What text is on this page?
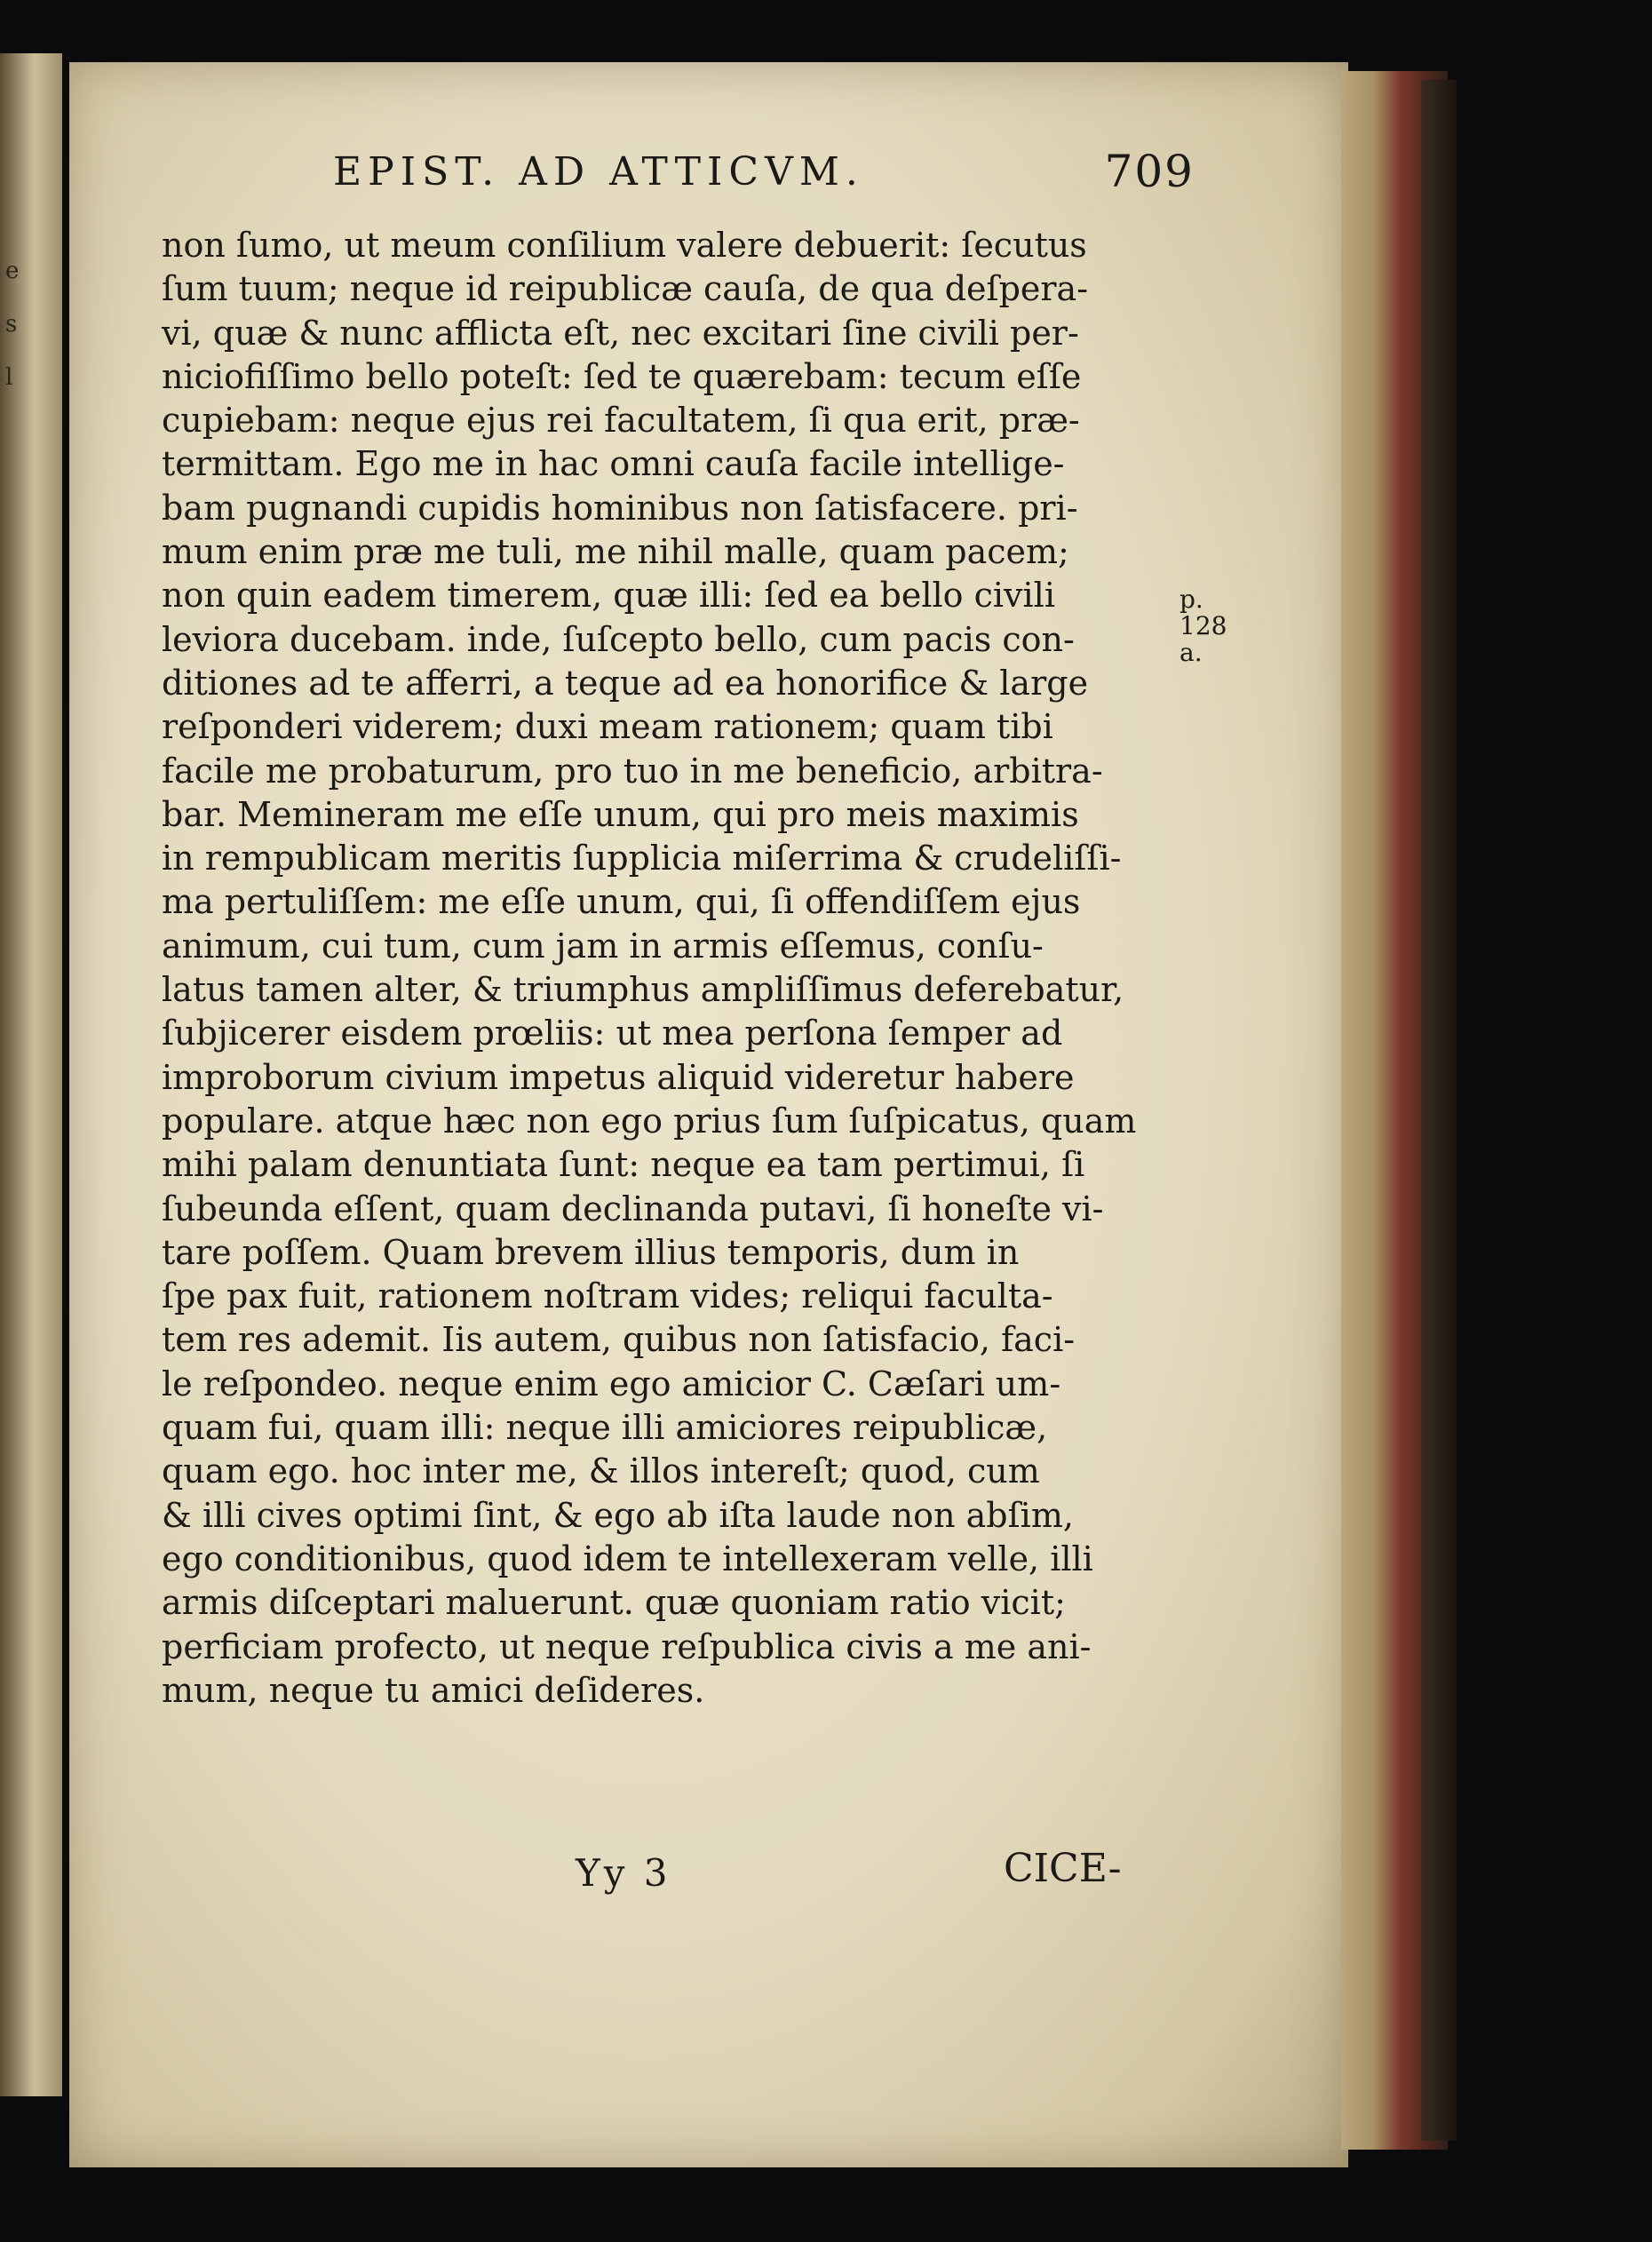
e
s
l
EPIST. AD ATTICVM.	709
non ſumo, ut meum conſilium valere debuerit: ſecutus
ſum tuum; neque id reipublicæ cauſa, de qua deſpera-
vi, quæ & nunc afflicta eſt, nec excitari ſine civili per-
niciofiſſimo bello poteſt: ſed te quærebam: tecum eſſe
cupiebam: neque ejus rei facultatem, ſi qua erit, præ-
termittam. Ego me in hac omni cauſa facile intellige-
bam pugnandi cupidis hominibus non ſatisfacere. pri-
mum enim præ me tuli, me nihil malle, quam pacem;
non quin eadem timerem, quæ illi: ſed ea bello civili
leviora ducebam. inde, ſuſcepto bello, cum pacis con-
ditiones ad te afferri, a teque ad ea honorifice & large
reſponderi viderem; duxi meam rationem; quam tibi
facile me probaturum, pro tuo in me beneficio, arbitra-
bar. Memineram me eſſe unum, qui pro meis maximis
in rempublicam meritis ſupplicia miſerrima & crudeliſſi-
ma pertuliſſem: me eſſe unum, qui, ſi offendiſſem ejus
animum, cui tum, cum jam in armis eſſemus, conſu-
latus tamen alter, & triumphus ampliſſimus deferebatur,
ſubjicerer eisdem prœliis: ut mea perſona ſemper ad
improborum civium impetus aliquid videretur habere
populare. atque hæc non ego prius ſum ſuſpicatus, quam
mihi palam denuntiata ſunt: neque ea tam pertimui, ſi
ſubeunda eſſent, quam declinanda putavi, ſi honeſte vi-
tare poſſem. Quam brevem illius temporis, dum in
ſpe pax fuit, rationem noſtram vides; reliqui faculta-
tem res ademit. Iis autem, quibus non ſatisfacio, faci-
le reſpondeo. neque enim ego amicior C. Cæſari um-
quam fui, quam illi: neque illi amiciores reipublicæ,
quam ego. hoc inter me, & illos intereſt; quod, cum
& illi cives optimi ſint, & ego ab iſta laude non abſim,
ego conditionibus, quod idem te intellexeram velle, illi
armis diſceptari maluerunt. quæ quoniam ratio vicit;
perficiam profecto, ut neque reſpublica civis a me ani-
mum, neque tu amici deſideres.
p.
128
a.
Yy 3	CICE-
